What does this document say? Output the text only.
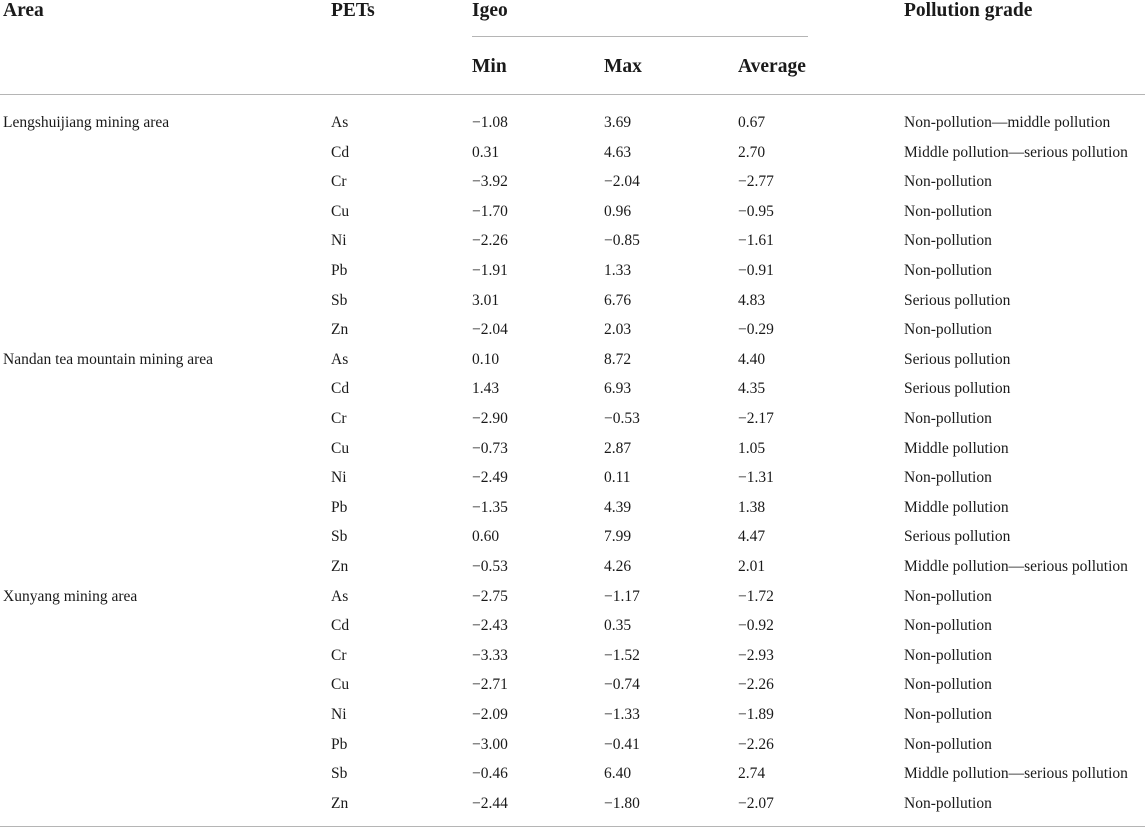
Area	PETs	Igeo	Pollution grade
Min	Max	Average
Lengshuijiang mining area	As	−1.08	3.69	0.67	Non-pollution—middle pollution
Cd	0.31	4.63	2.70	Middle pollution—serious pollution
Cr	−3.92	−2.04	−2.77	Non-pollution
Cu	−1.70	0.96	−0.95	Non-pollution
Ni	−2.26	−0.85	−1.61	Non-pollution
Pb	−1.91	1.33	−0.91	Non-pollution
Sb	3.01	6.76	4.83	Serious pollution
Zn	−2.04	2.03	−0.29	Non-pollution
Nandan tea mountain mining area	As	0.10	8.72	4.40	Serious pollution
Cd	1.43	6.93	4.35	Serious pollution
Cr	−2.90	−0.53	−2.17	Non-pollution
Cu	−0.73	2.87	1.05	Middle pollution
Ni	−2.49	0.11	−1.31	Non-pollution
Pb	−1.35	4.39	1.38	Middle pollution
Sb	0.60	7.99	4.47	Serious pollution
Zn	−0.53	4.26	2.01	Middle pollution—serious pollution
Xunyang mining area	As	−2.75	−1.17	−1.72	Non-pollution
Cd	−2.43	0.35	−0.92	Non-pollution
Cr	−3.33	−1.52	−2.93	Non-pollution
Cu	−2.71	−0.74	−2.26	Non-pollution
Ni	−2.09	−1.33	−1.89	Non-pollution
Pb	−3.00	−0.41	−2.26	Non-pollution
Sb	−0.46	6.40	2.74	Middle pollution—serious pollution
Zn	−2.44	−1.80	−2.07	Non-pollution
